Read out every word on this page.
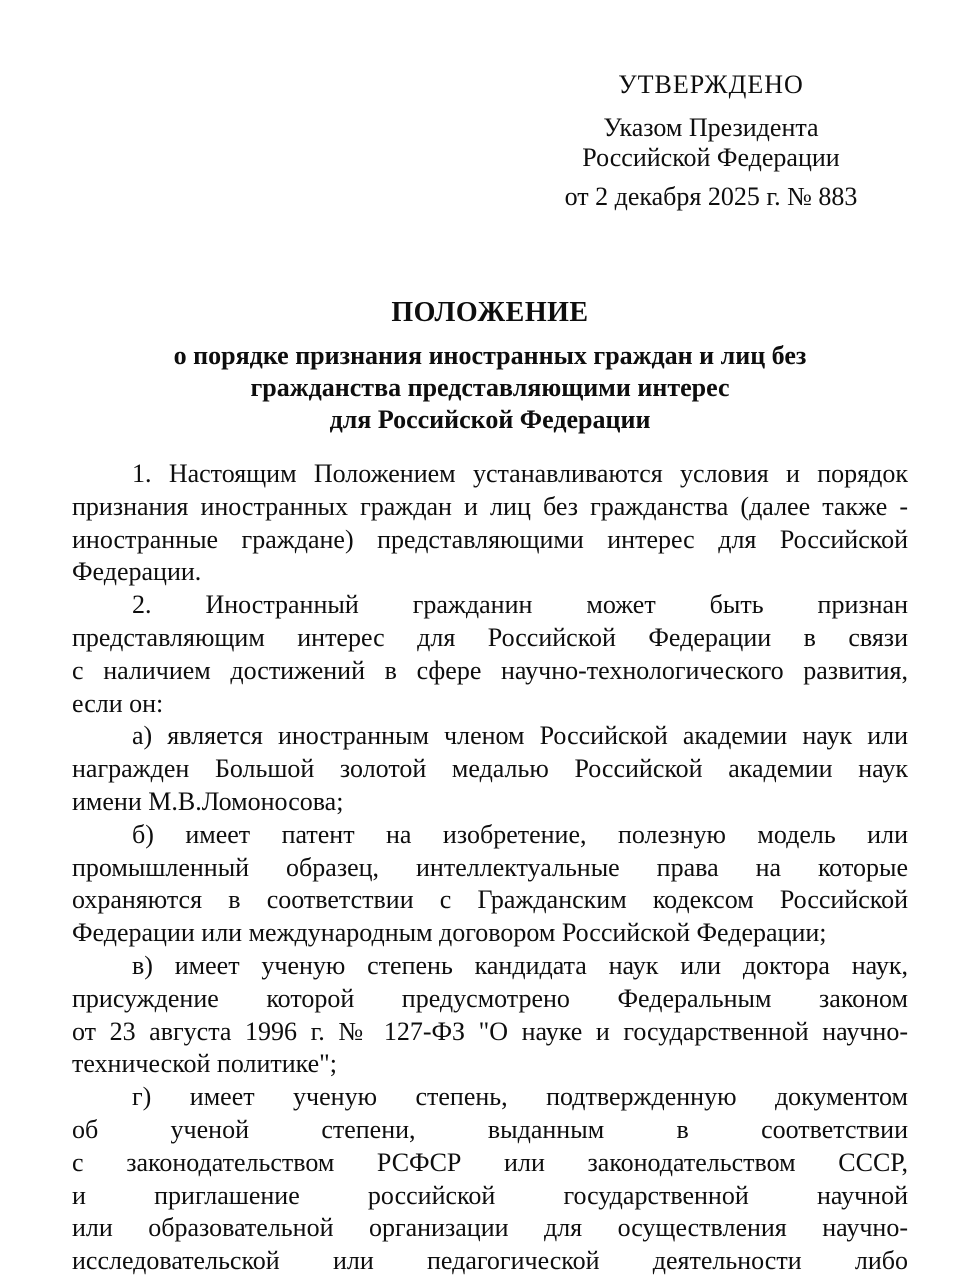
УТВЕРЖДЕНО
Указом Президента
Российской Федерации
от 2 декабря 2025 г. № 883
ПОЛОЖЕНИЕ
о порядке признания иностранных граждан и лиц без
гражданства представляющими интерес
для Российской Федерации
1. Настоящим Положением устанавливаются условия и порядок
признания иностранных граждан и лиц без гражданства (далее также -
иностранные граждане) представляющими интерес для Российской
Федерации.
2. Иностранный гражданин может быть признан
представляющим интерес для Российской Федерации в связи
с наличием достижений в сфере научно-технологического развития,
если он:
а) является иностранным членом Российской академии наук или
награжден Большой золотой медалью Российской академии наук
имени М.В.Ломоносова;
б) имеет патент на изобретение, полезную модель или
промышленный образец, интеллектуальные права на которые
охраняются в соответствии с Гражданским кодексом Российской
Федерации или международным договором Российской Федерации;
в) имеет ученую степень кандидата наук или доктора наук,
присуждение которой предусмотрено Федеральным законом
от 23 августа 1996 г. № 127-ФЗ "О науке и государственной научно-
технической политике";
г) имеет ученую степень, подтвержденную документом
об ученой степени, выданным в соответствии
с законодательством РСФСР или законодательством СССР,
и приглашение российской государственной научной
или образовательной организации для осуществления научно-
исследовательской или педагогической деятельности либо
